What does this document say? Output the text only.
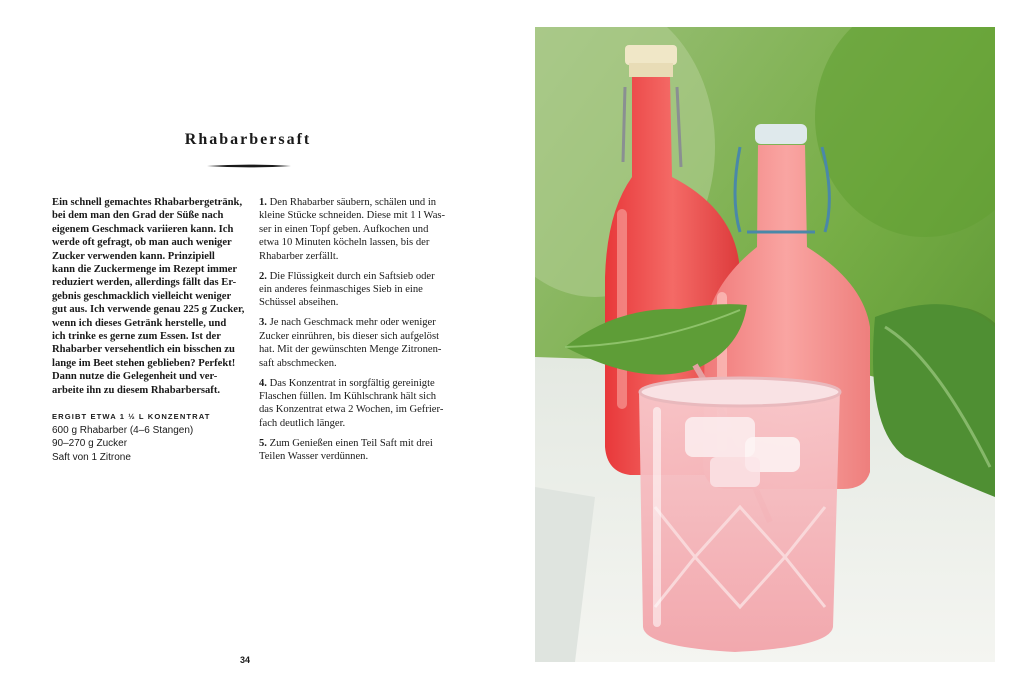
Rhabarbersaft
Ein schnell gemachtes Rhabarbergetränk,
bei dem man den Grad der Süße nach
eigenem Geschmack variieren kann. Ich
werde oft gefragt, ob man auch weniger
Zucker verwenden kann. Prinzipiell
kann die Zuckermenge im Rezept immer
reduziert werden, allerdings fällt das Er-
gebnis geschmacklich vielleicht weniger
gut aus. Ich verwende genau 225 g Zucker,
wenn ich dieses Getränk herstelle, und
ich trinke es gerne zum Essen. Ist der
Rhabarber versehentlich ein bisschen zu
lange im Beet stehen geblieben? Perfekt!
Dann nutze die Gelegenheit und ver-
arbeite ihn zu diesem Rhabarbersaft.
ERGIBT ETWA 1 ½ L KONZENTRAT
600 g Rhabarber (4–6 Stangen)
90–270 g Zucker
Saft von 1 Zitrone
1. Den Rhabarber säubern, schälen und in
kleine Stücke schneiden. Diese mit 1 l Was-
ser in einen Topf geben. Aufkochen und
etwa 10 Minuten köcheln lassen, bis der
Rhabarber zerfällt.
2. Die Flüssigkeit durch ein Saftsieb oder
ein anderes feinmaschiges Sieb in eine
Schüssel abseihen.
3. Je nach Geschmack mehr oder weniger
Zucker einrühren, bis dieser sich aufgelöst
hat. Mit der gewünschten Menge Zitronen-
saft abschmecken.
4. Das Konzentrat in sorgfältig gereinigte
Flaschen füllen. Im Kühlschrank hält sich
das Konzentrat etwa 2 Wochen, im Gefrier-
fach deutlich länger.
5. Zum Genießen einen Teil Saft mit drei
Teilen Wasser verdünnen.
34
